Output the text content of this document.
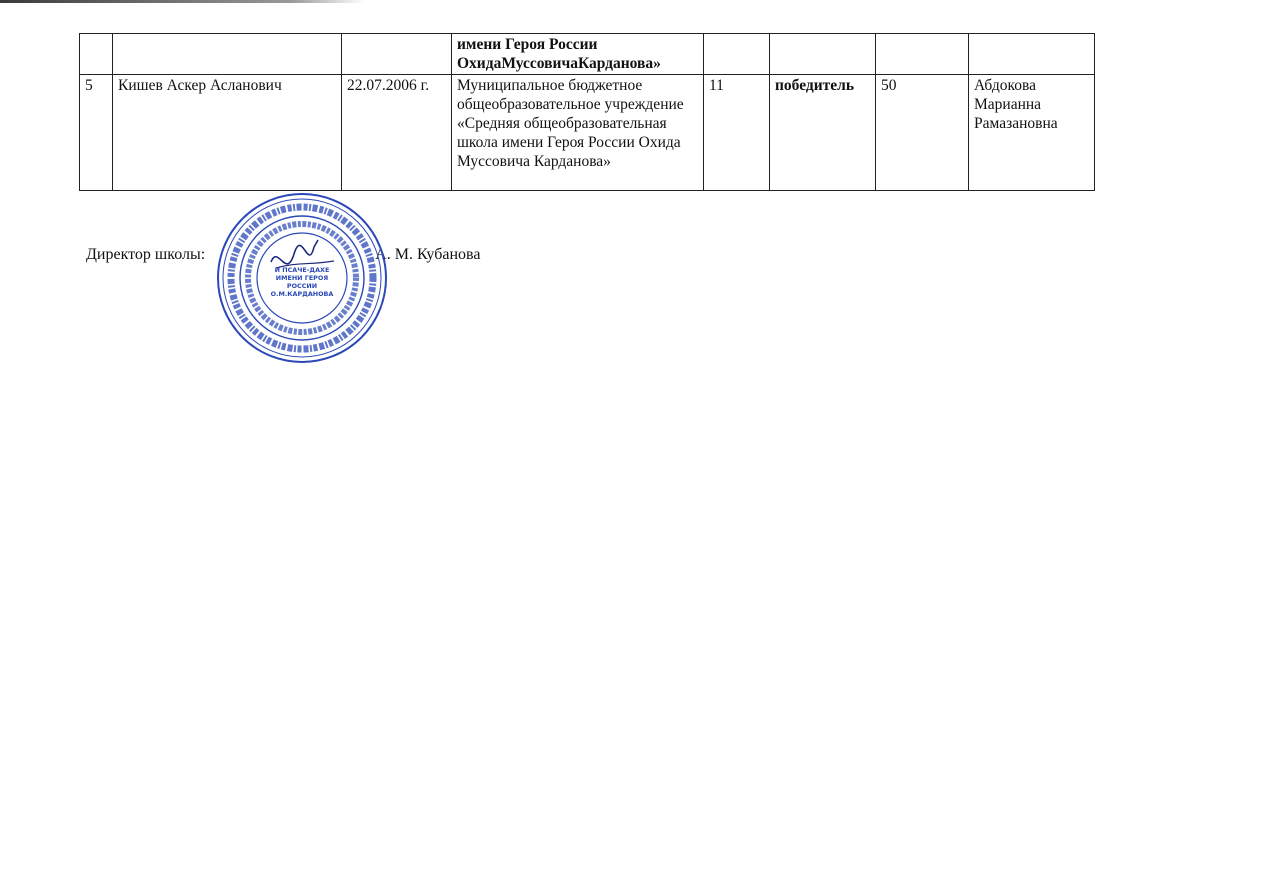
			имени Героя России ОхидаМуссовичаКарданова»				
5	Кишев Аскер Асланович	22.07.2006 г.	Муниципальное бюджетное общеобразовательное учреждение «Средняя общеобразовательная школа имени Героя России Охида Муссовича Карданова»	11	победитель	50	Абдокова Марианна Рамазановна
Директор школы:	А. М. Кубанова
И ПСАЧЕ-ДАХЕ
ИМЕНИ ГЕРОЯ
РОССИИ
О.М.КАРДАНОВА
